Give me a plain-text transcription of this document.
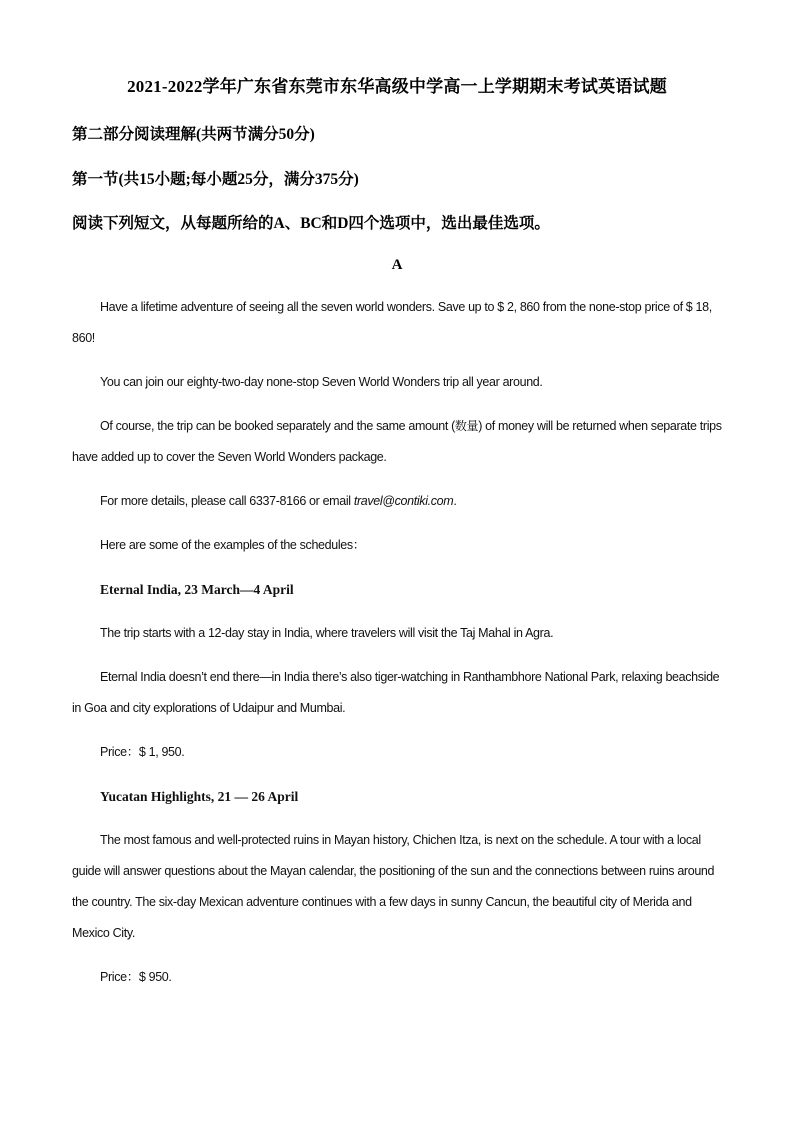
2021-2022学年广东省东莞市东华高级中学高一上学期期末考试英语试题
第二部分阅读理解(共两节满分50分)
第一节(共15小题;每小题25分，满分375分)
阅读下列短文，从每题所给的A、BC和D四个选项中，选出最佳选项。
A

Have a lifetime adventure of seeing all the seven world wonders. Save up to $ 2, 860 from the none-stop price of $ 18, 860!

You can join our eighty-two-day none-stop Seven World Wonders trip all year around.

Of course, the trip can be booked separately and the same amount (数量) of money will be returned when separate trips have added up to cover the Seven World Wonders package.

For more details, please call 6337-8166 or email travel@contiki.com.

Here are some of the examples of the schedules：

Eternal India, 23 March—4 April

The trip starts with a 12-day stay in India, where travelers will visit the Taj Mahal in Agra.

Eternal India doesn’t end there—in India there’s also tiger-watching in Ranthambhore National Park, relaxing beachside in Goa and city explorations of Udaipur and Mumbai.

Price：$ 1, 950.

Yucatan Highlights, 21 — 26 April

The most famous and well-protected ruins in Mayan history, Chichen Itza, is next on the schedule. A tour with a local guide will answer questions about the Mayan calendar, the positioning of the sun and the connections between ruins around the country. The six-day Mexican adventure continues with a few days in sunny Cancun, the beautiful city of Merida and Mexico City.

Price：$ 950.
